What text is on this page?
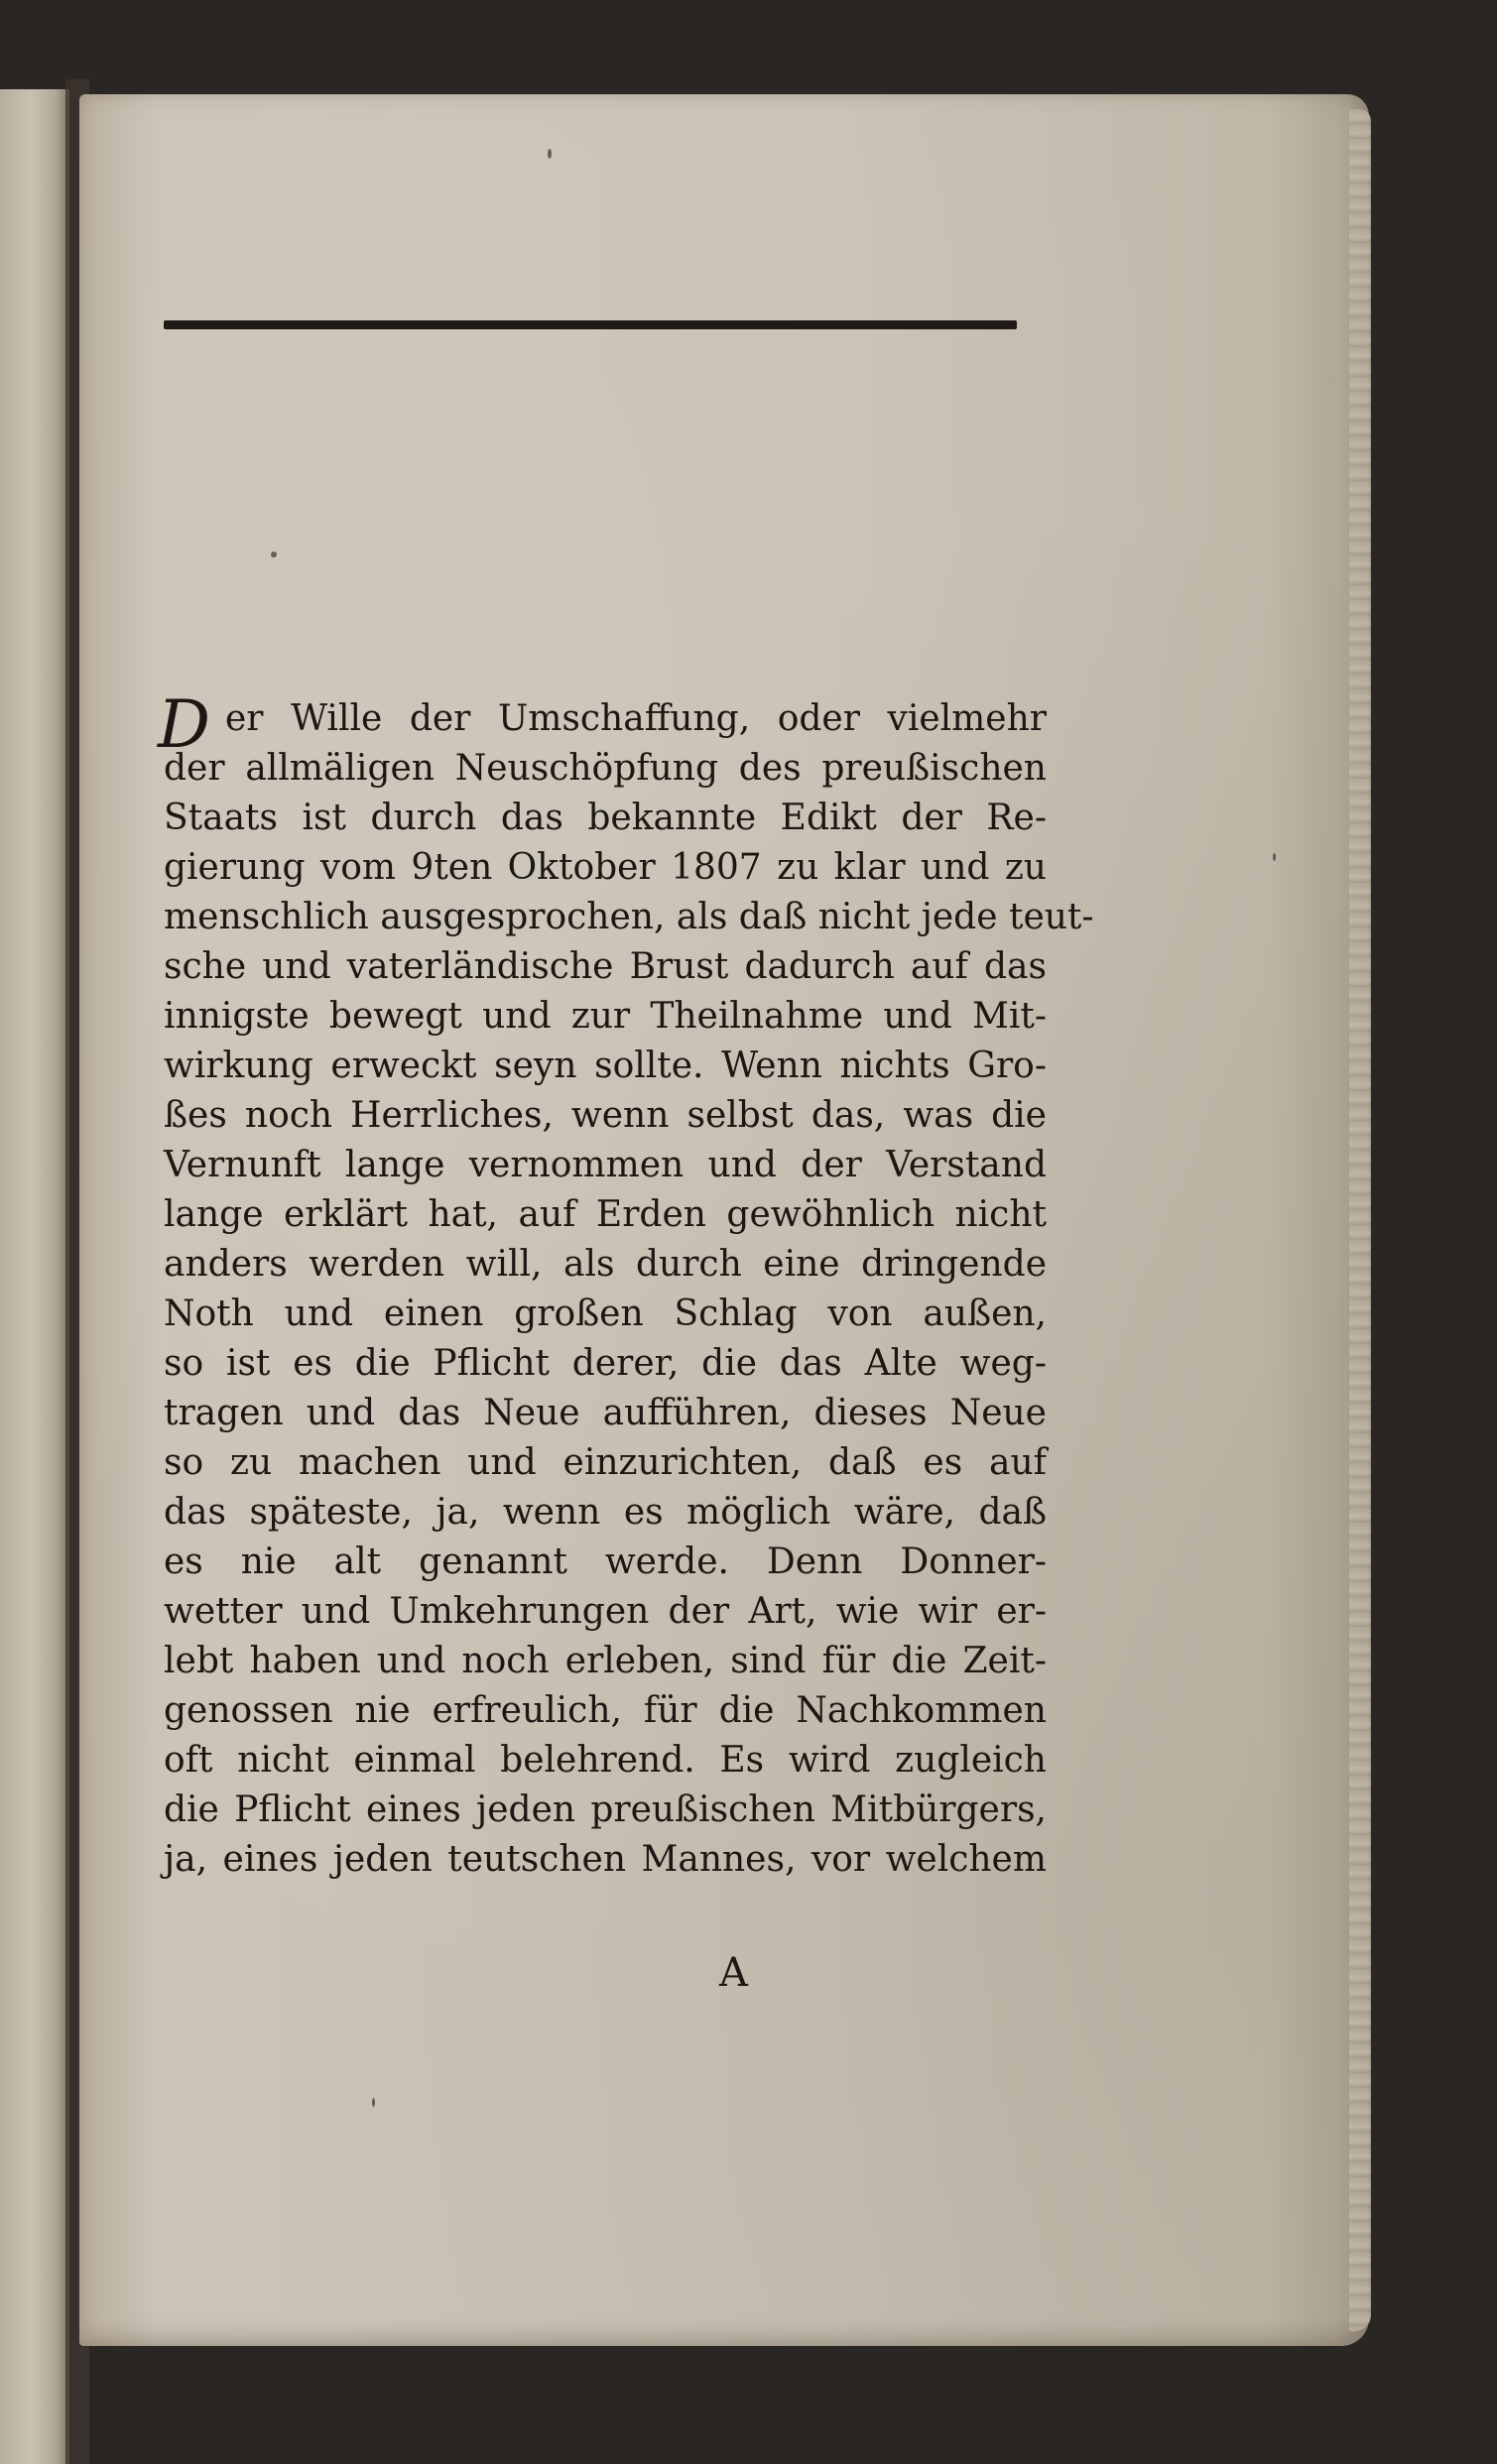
D er Wille der Umschaffung, oder vielmehr
der allmäligen Neuschöpfung des preußischen
Staats ist durch das bekannte Edikt der Re-
gierung vom 9ten Oktober 1807 zu klar und zu
menschlich ausgesprochen, als daß nicht jede teut-
sche und vaterländische Brust dadurch auf das
innigste bewegt und zur Theilnahme und Mit-
wirkung erweckt seyn sollte. Wenn nichts Gro-
ßes noch Herrliches, wenn selbst das, was die
Vernunft lange vernommen und der Verstand
lange erklärt hat, auf Erden gewöhnlich nicht
anders werden will, als durch eine dringende
Noth und einen großen Schlag von außen,
so ist es die Pflicht derer, die das Alte weg-
tragen und das Neue aufführen, dieses Neue
so zu machen und einzurichten, daß es auf
das späteste, ja, wenn es möglich wäre, daß
es nie alt genannt werde. Denn Donner-
wetter und Umkehrungen der Art, wie wir er-
lebt haben und noch erleben, sind für die Zeit-
genossen nie erfreulich, für die Nachkommen
oft nicht einmal belehrend. Es wird zugleich
die Pflicht eines jeden preußischen Mitbürgers,
ja, eines jeden teutschen Mannes, vor welchem
A
